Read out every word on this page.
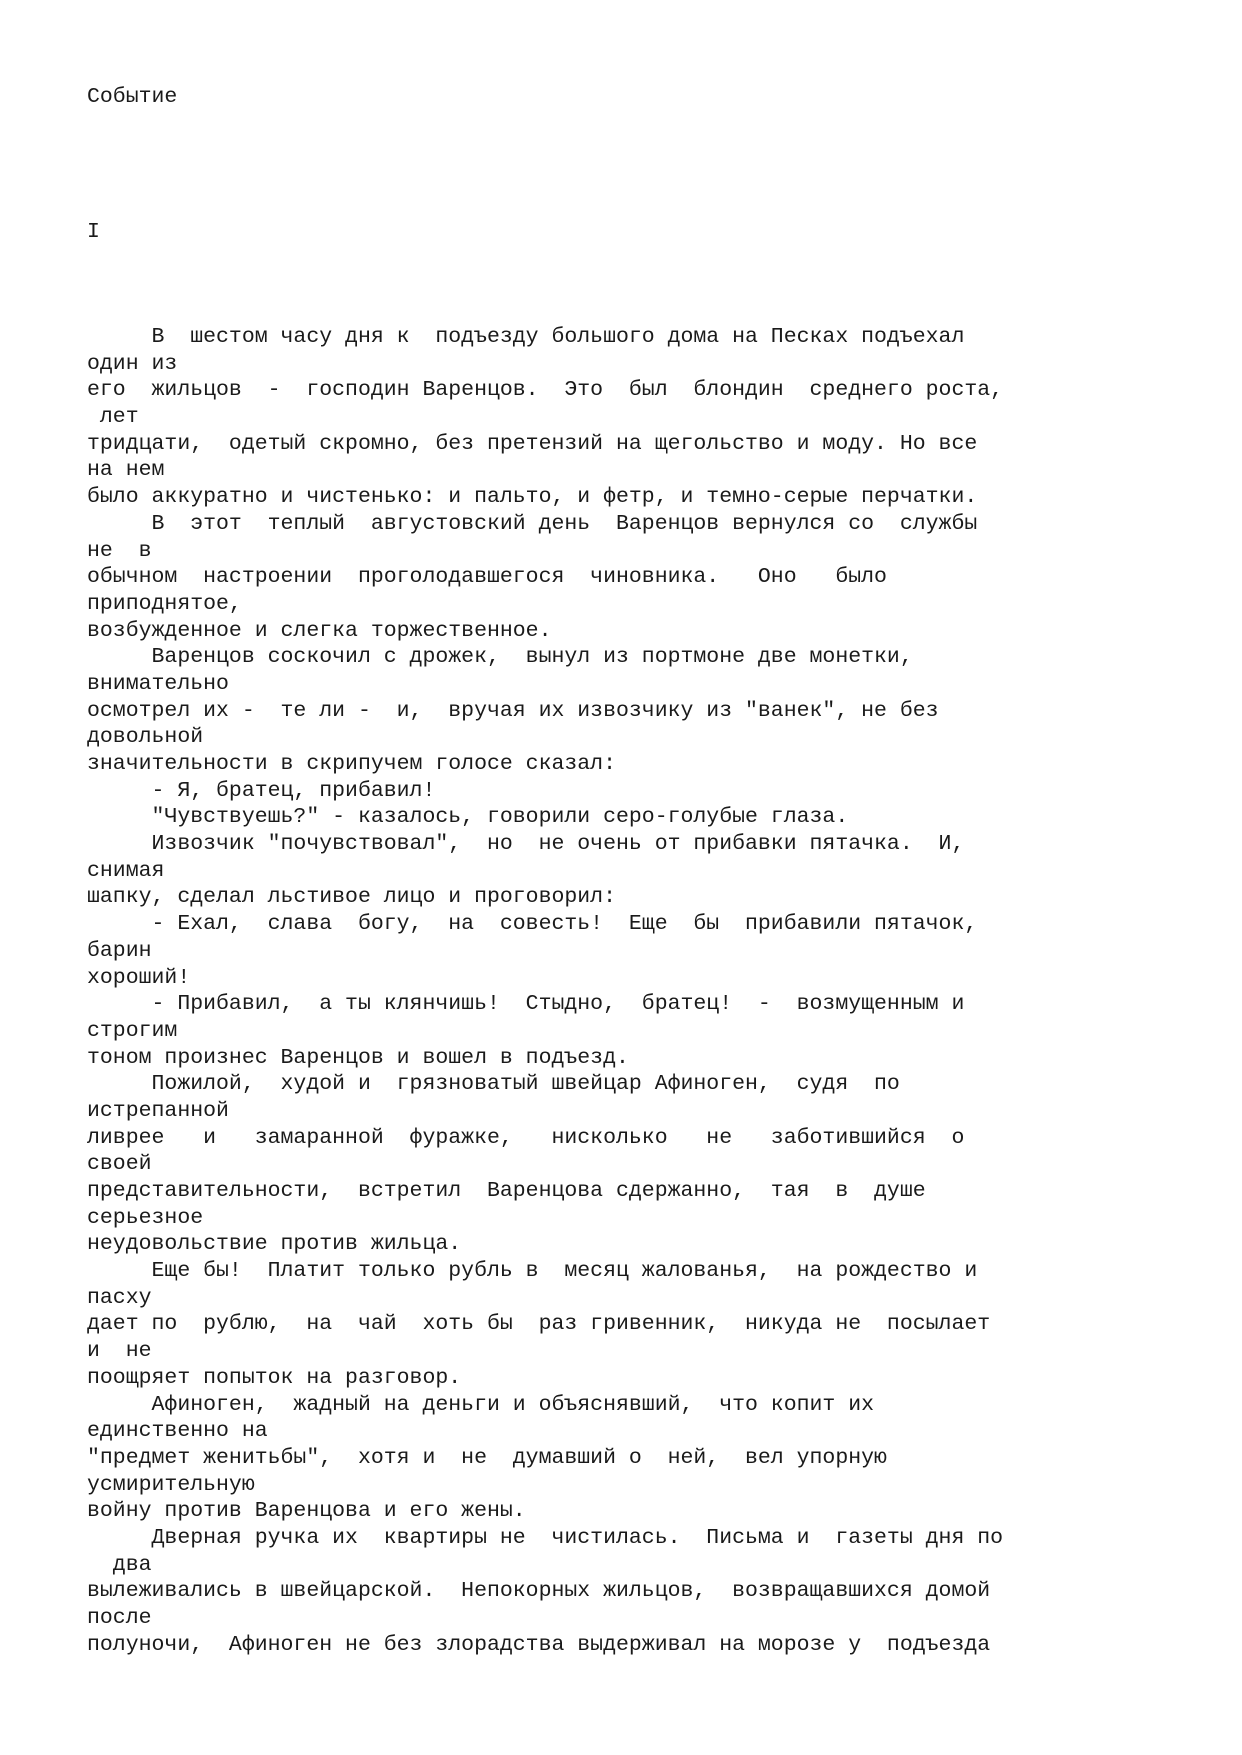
Событие
I
В  шестом часу дня к  подъезду большого дома на Песках подъехал
один из
его  жильцов  -  господин Варенцов.  Это  был  блондин  среднего роста,
лет
тридцати,  одетый скромно, без претензий на щегольство и моду. Но все
на нем
было аккуратно и чистенько: и пальто, и фетр, и темно-серые перчатки.
В  этот  теплый  августовский день  Варенцов вернулся со  службы
не  в
обычном  настроении  проголодавшегося  чиновника.   Оно   было
приподнятое,
возбужденное и слегка торжественное.
Варенцов соскочил с дрожек,  вынул из портмоне две монетки,
внимательно
осмотрел их -  те ли -  и,  вручая их извозчику из "ванек", не без
довольной
значительности в скрипучем голосе сказал:
- Я, братец, прибавил!
"Чувствуешь?" - казалось, говорили серо-голубые глаза.
Извозчик "почувствовал",  но  не очень от прибавки пятачка.  И,
снимая
шапку, сделал льстивое лицо и проговорил:
- Ехал,  слава  богу,  на  совесть!  Еще  бы  прибавили пятачок,
барин
хороший!
- Прибавил,  а ты клянчишь!  Стыдно,  братец!  -  возмущенным и
строгим
тоном произнес Варенцов и вошел в подъезд.
Пожилой,  худой и  грязноватый швейцар Афиноген,  судя  по
истрепанной
ливрее   и   замаранной  фуражке,   нисколько   не   заботившийся  о
своей
представительности,  встретил  Варенцова сдержанно,  тая  в  душе
серьезное
неудовольствие против жильца.
Еще бы!  Платит только рубль в  месяц жалованья,  на рождество и
пасху
дает по  рублю,  на  чай  хоть бы  раз гривенник,  никуда не  посылает
и  не
поощряет попыток на разговор.
Афиноген,  жадный на деньги и объяснявший,  что копит их
единственно на
"предмет женитьбы",  хотя и  не  думавший о  ней,  вел упорную
усмирительную
войну против Варенцова и его жены.
Дверная ручка их  квартиры не  чистилась.  Письма и  газеты дня по
два
вылеживались в швейцарской.  Непокорных жильцов,  возвращавшихся домой
после
полуночи,  Афиноген не без злорадства выдерживал на морозе у  подъезда
